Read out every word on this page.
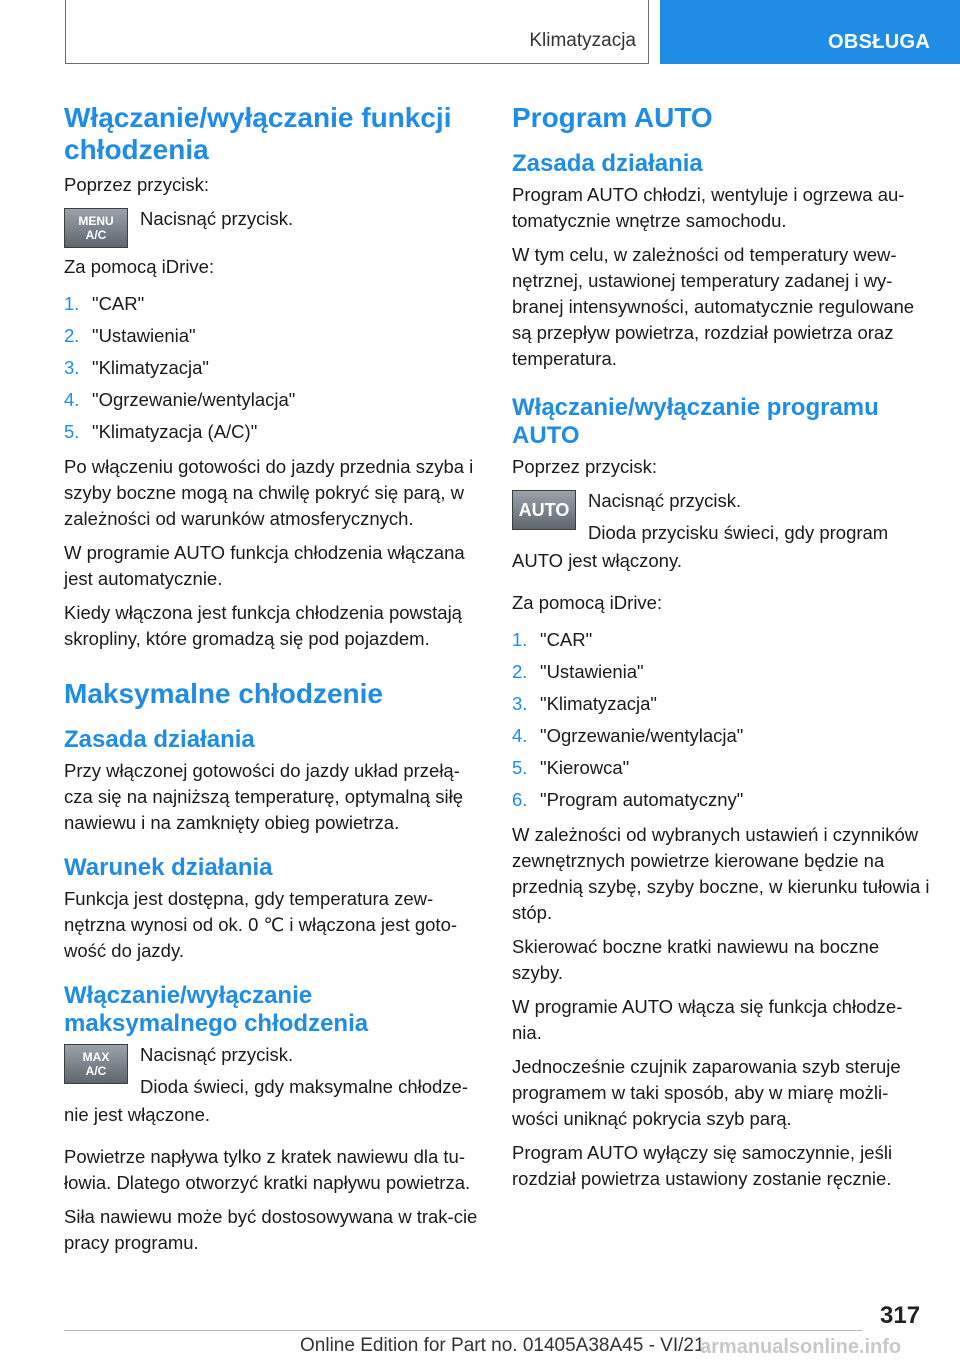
Klimatyzacja	OBSŁUGA
Włączanie/wyłączanie funkcji chłodzenia

Poprzez przycisk:

MENU
A/C

Nacisnąć przycisk.

Za pomocą iDrive:

1. "CAR"
2. "Ustawienia"
3. "Klimatyzacja"
4. "Ogrzewanie/wentylacja"
5. "Klimatyzacja (A/C)"

Po włączeniu gotowości do jazdy przednia szyba i szyby boczne mogą na chwilę pokryć się parą, w zależności od warunków atmosferycznych.

W programie AUTO funkcja chłodzenia włączana jest automatycznie.

Kiedy włączona jest funkcja chłodzenia powstają skropliny, które gromadzą się pod pojazdem.

Maksymalne chłodzenie
Zasada działania

Przy włączonej gotowości do jazdy układ przełą-cza się na najniższą temperaturę, optymalną siłę nawiewu i na zamknięty obieg powietrza.

Warunek działania

Funkcja jest dostępna, gdy temperatura zew-nętrzna wynosi od ok. 0 ℃ i włączona jest goto-wość do jazdy.

Włączanie/wyłączanie maksymalnego chłodzenia
MAX
A/C

Nacisnąć przycisk.

Dioda świeci, gdy maksymalne chłodze-

nie jest włączone.

Powietrze napływa tylko z kratek nawiewu dla tu-łowia. Dlatego otworzyć kratki napływu powietrza.

Siła nawiewu może być dostosowywana w trak-cie pracy programu.

Program AUTO
Zasada działania

Program AUTO chłodzi, wentyluje i ogrzewa au-tomatycznie wnętrze samochodu.

W tym celu, w zależności od temperatury wew-nętrznej, ustawionej temperatury zadanej i wy-branej intensywności, automatycznie regulowane są przepływ powietrza, rozdział powietrza oraz temperatura.

Włączanie/wyłączanie programu AUTO

Poprzez przycisk:

AUTO Nacisnąć przycisk.

Dioda przycisku świeci, gdy program

AUTO jest włączony.

Za pomocą iDrive:

1. "CAR"
2. "Ustawienia"
3. "Klimatyzacja"
4. "Ogrzewanie/wentylacja"
5. "Kierowca"
6. "Program automatyczny"

W zależności od wybranych ustawień i czynników zewnętrznych powietrze kierowane będzie na przednią szybę, szyby boczne, w kierunku tułowia i stóp.

Skierować boczne kratki nawiewu na boczne szyby.

W programie AUTO włącza się funkcja chłodze-nia.

Jednocześnie czujnik zaparowania szyb steruje programem w taki sposób, aby w miarę możli-wości uniknąć pokrycia szyb parą.

Program AUTO wyłączy się samoczynnie, jeśli rozdział powietrza ustawiony zostanie ręcznie.

317
Online Edition for Part no. 01405A38A45 - VI/21
armanualsonline.info
